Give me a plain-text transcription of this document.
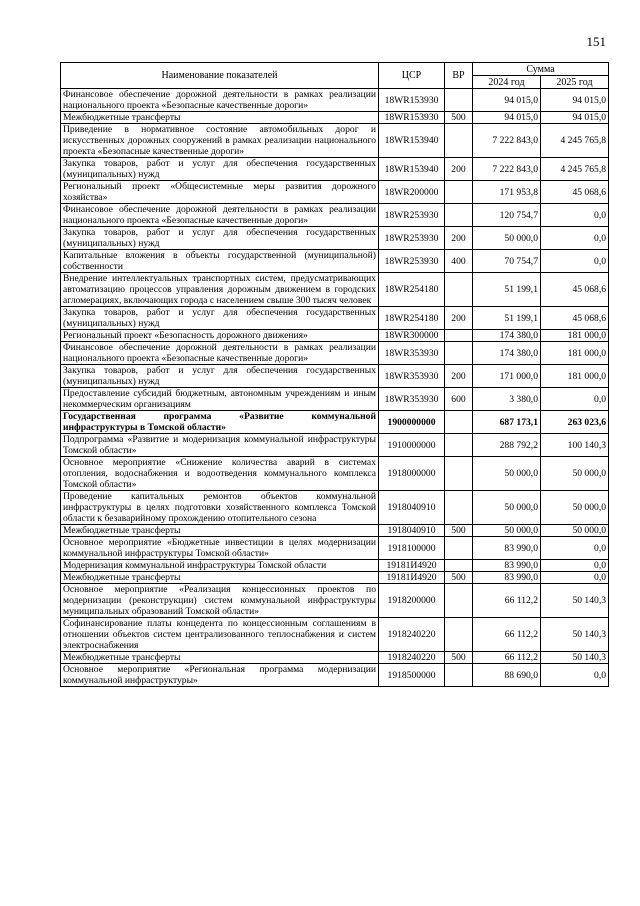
151
Наименование показателей	ЦСР	ВР	Сумма	
			2024 год	2025 год
Финансовое обеспечение дорожной деятельности в рамках реализации национального проекта «Безопасные качественные дороги»	18WR153930		94 015,0	94 015,0
Межбюджетные трансферты	18WR153930	500	94 015,0	94 015,0
Приведение в нормативное состояние автомобильных дорог и искусственных дорожных сооружений в рамках реализации национального проекта «Безопасные качественные дороги»	18WR153940		7 222 843,0	4 245 765,8
Закупка товаров, работ и услуг для обеспечения государственных (муниципальных) нужд	18WR153940	200	7 222 843,0	4 245 765,8
Региональный проект «Общесистемные меры развития дорожного хозяйства»	18WR200000		171 953,8	45 068,6
Финансовое обеспечение дорожной деятельности в рамках реализации национального проекта «Безопасные качественные дороги»	18WR253930		120 754,7	0,0
Закупка товаров, работ и услуг для обеспечения государственных (муниципальных) нужд	18WR253930	200	50 000,0	0,0
Капитальные вложения в объекты государственной (муниципальной) собственности	18WR253930	400	70 754,7	0,0
Внедрение интеллектуальных транспортных систем, предусматривающих автоматизацию процессов управления дорожным движением в городских агломерациях, включающих города с населением свыше 300 тысяч человек	18WR254180		51 199,1	45 068,6
Закупка товаров, работ и услуг для обеспечения государственных (муниципальных) нужд	18WR254180	200	51 199,1	45 068,6
Региональный проект «Безопасность дорожного движения»	18WR300000		174 380,0	181 000,0
Финансовое обеспечение дорожной деятельности в рамках реализации национального проекта «Безопасные качественные дороги»	18WR353930		174 380,0	181 000,0
Закупка товаров, работ и услуг для обеспечения государственных (муниципальных) нужд	18WR353930	200	171 000,0	181 000,0
Предоставление субсидий бюджетным, автономным учреждениям и иным некоммерческим организациям	18WR353930	600	3 380,0	0,0
Государственная программа «Развитие коммунальной инфраструктуры в Томской области»	1900000000		687 173,1	263 023,6
Подпрограмма «Развитие и модернизация коммунальной инфраструктуры Томской области»	1910000000		288 792,2	100 140,3
Основное мероприятие «Снижение количества аварий в системах отопления, водоснабжения и водоотведения коммунального комплекса Томской области»	1918000000		50 000,0	50 000,0
Проведение капитальных ремонтов объектов коммунальной инфраструктуры в целях подготовки хозяйственного комплекса Томской области к безаварийному прохождению отопительного сезона	1918040910		50 000,0	50 000,0
Межбюджетные трансферты	1918040910	500	50 000,0	50 000,0
Основное мероприятие «Бюджетные инвестиции в целях модернизации коммунальной инфраструктуры Томской области»	1918100000		83 990,0	0,0
Модернизация коммунальной инфраструктуры Томской области	19181И4920		83 990,0	0,0
Межбюджетные трансферты	19181И4920	500	83 990,0	0,0
Основное мероприятие «Реализация концессионных проектов по модернизации (реконструкции) систем коммунальной инфраструктуры муниципальных образований Томской области»	1918200000		66 112,2	50 140,3
Софинансирование платы концедента по концессионным соглашениям в отношении объектов систем централизованного теплоснабжения и систем электроснабжения	1918240220		66 112,2	50 140,3
Межбюджетные трансферты	1918240220	500	66 112,2	50 140,3
Основное мероприятие «Региональная программа модернизации коммунальной инфраструктуры»	1918500000		88 690,0	0,0
